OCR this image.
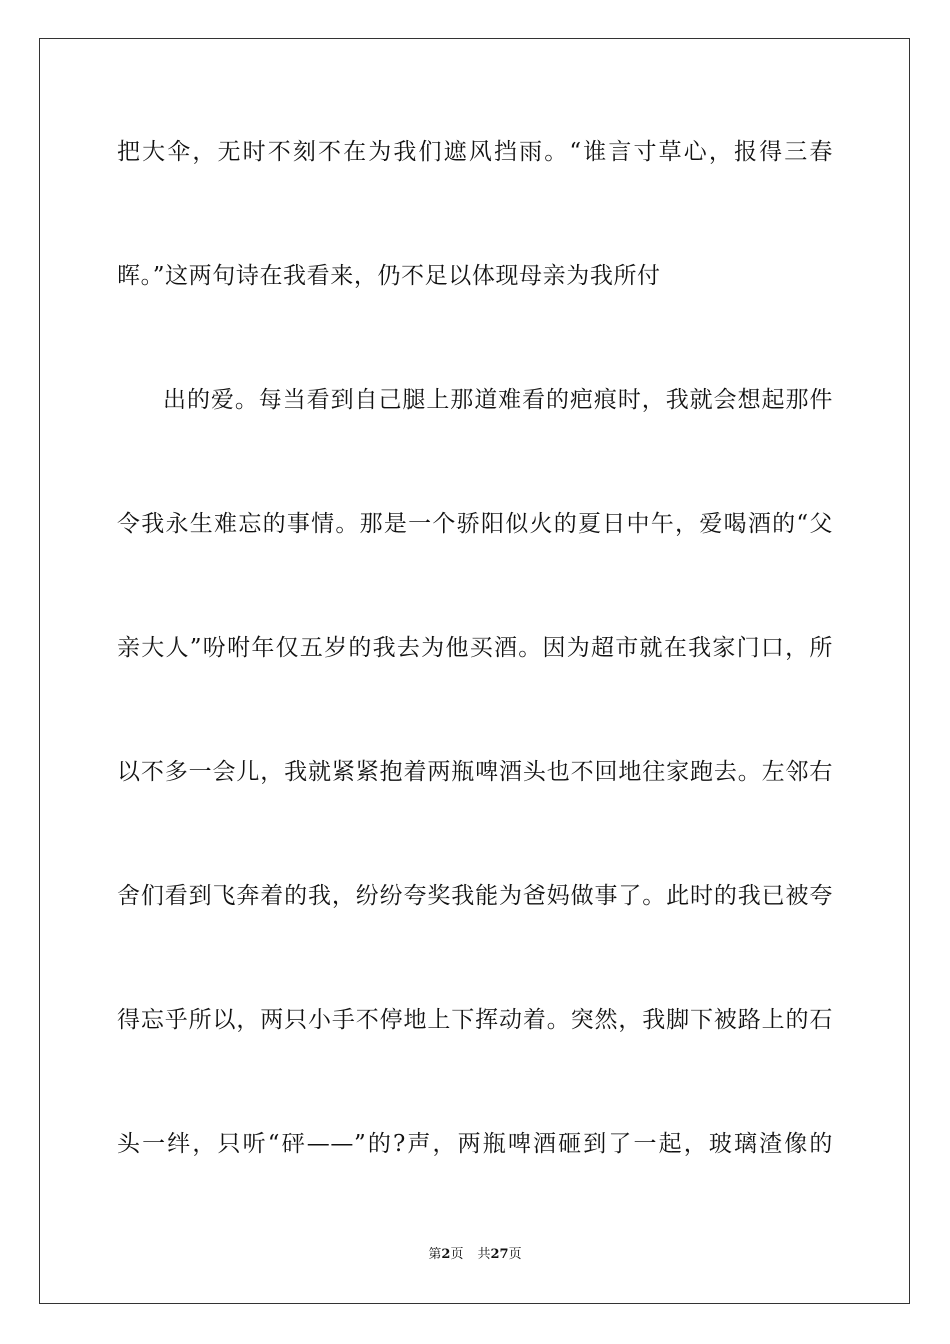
把大伞，无时不刻不在为我们遮风挡雨。“谁言寸草心，报得三春
晖。”这两句诗在我看来，仍不足以体现母亲为我所付
出的爱。每当看到自己腿上那道难看的疤痕时，我就会想起那件
令我永生难忘的事情。那是一个骄阳似火的夏日中午，爱喝酒的“父
亲大人”吩咐年仅五岁的我去为他买酒。因为超市就在我家门口，所
以不多一会儿，我就紧紧抱着两瓶啤酒头也不回地往家跑去。左邻右
舍们看到飞奔着的我，纷纷夸奖我能为爸妈做事了。此时的我已被夸
得忘乎所以，两只小手不停地上下挥动着。突然，我脚下被路上的石
头一绊，只听“砰——”的?声，两瓶啤酒砸到了一起，玻璃渣像的
第2页 共27页
